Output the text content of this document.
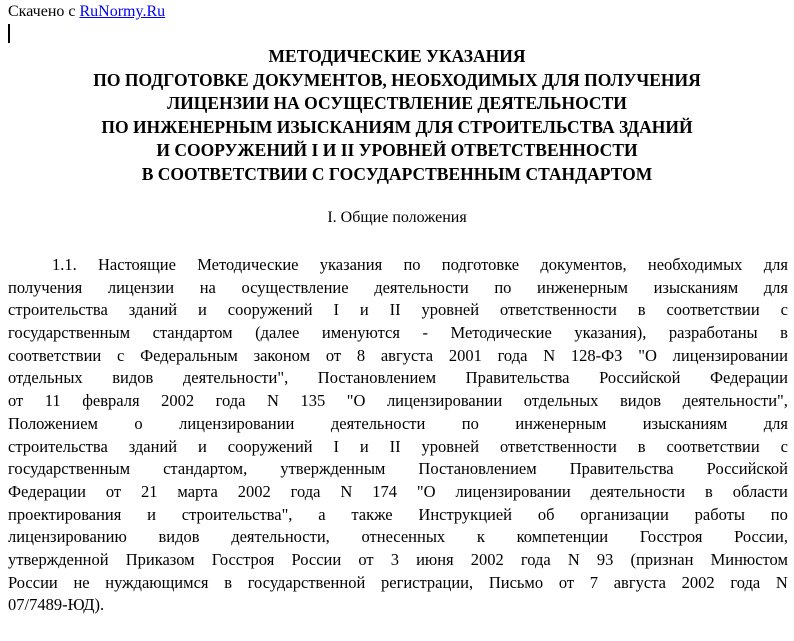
Скачено с RuNormy.Ru
МЕТОДИЧЕСКИЕ УКАЗАНИЯ
ПО ПОДГОТОВКЕ ДОКУМЕНТОВ, НЕОБХОДИМЫХ ДЛЯ ПОЛУЧЕНИЯ
ЛИЦЕНЗИИ НА ОСУЩЕСТВЛЕНИЕ ДЕЯТЕЛЬНОСТИ
ПО ИНЖЕНЕРНЫМ ИЗЫСКАНИЯМ ДЛЯ СТРОИТЕЛЬСТВА ЗДАНИЙ
И СООРУЖЕНИЙ I И II УРОВНЕЙ ОТВЕТСТВЕННОСТИ
В СООТВЕТСТВИИ С ГОСУДАРСТВЕННЫМ СТАНДАРТОМ
I. Общие положения
1.1. Настоящие Методические указания по подготовке документов, необходимых для
получения лицензии на осуществление деятельности по инженерным изысканиям для
строительства зданий и сооружений I и II уровней ответственности в соответствии с
государственным стандартом (далее именуются - Методические указания), разработаны в
соответствии с Федеральным законом от 8 августа 2001 года N 128-ФЗ "О лицензировании
отдельных видов деятельности", Постановлением Правительства Российской Федерации
от 11 февраля 2002 года N 135 "О лицензировании отдельных видов деятельности",
Положением о лицензировании деятельности по инженерным изысканиям для
строительства зданий и сооружений I и II уровней ответственности в соответствии с
государственным стандартом, утвержденным Постановлением Правительства Российской
Федерации от 21 марта 2002 года N 174 "О лицензировании деятельности в области
проектирования и строительства", а также Инструкцией об организации работы по
лицензированию видов деятельности, отнесенных к компетенции Госстроя России,
утвержденной Приказом Госстроя России от 3 июня 2002 года N 93 (признан Минюстом
России не нуждающимся в государственной регистрации, Письмо от 7 августа 2002 года N
07/7489-ЮД).
